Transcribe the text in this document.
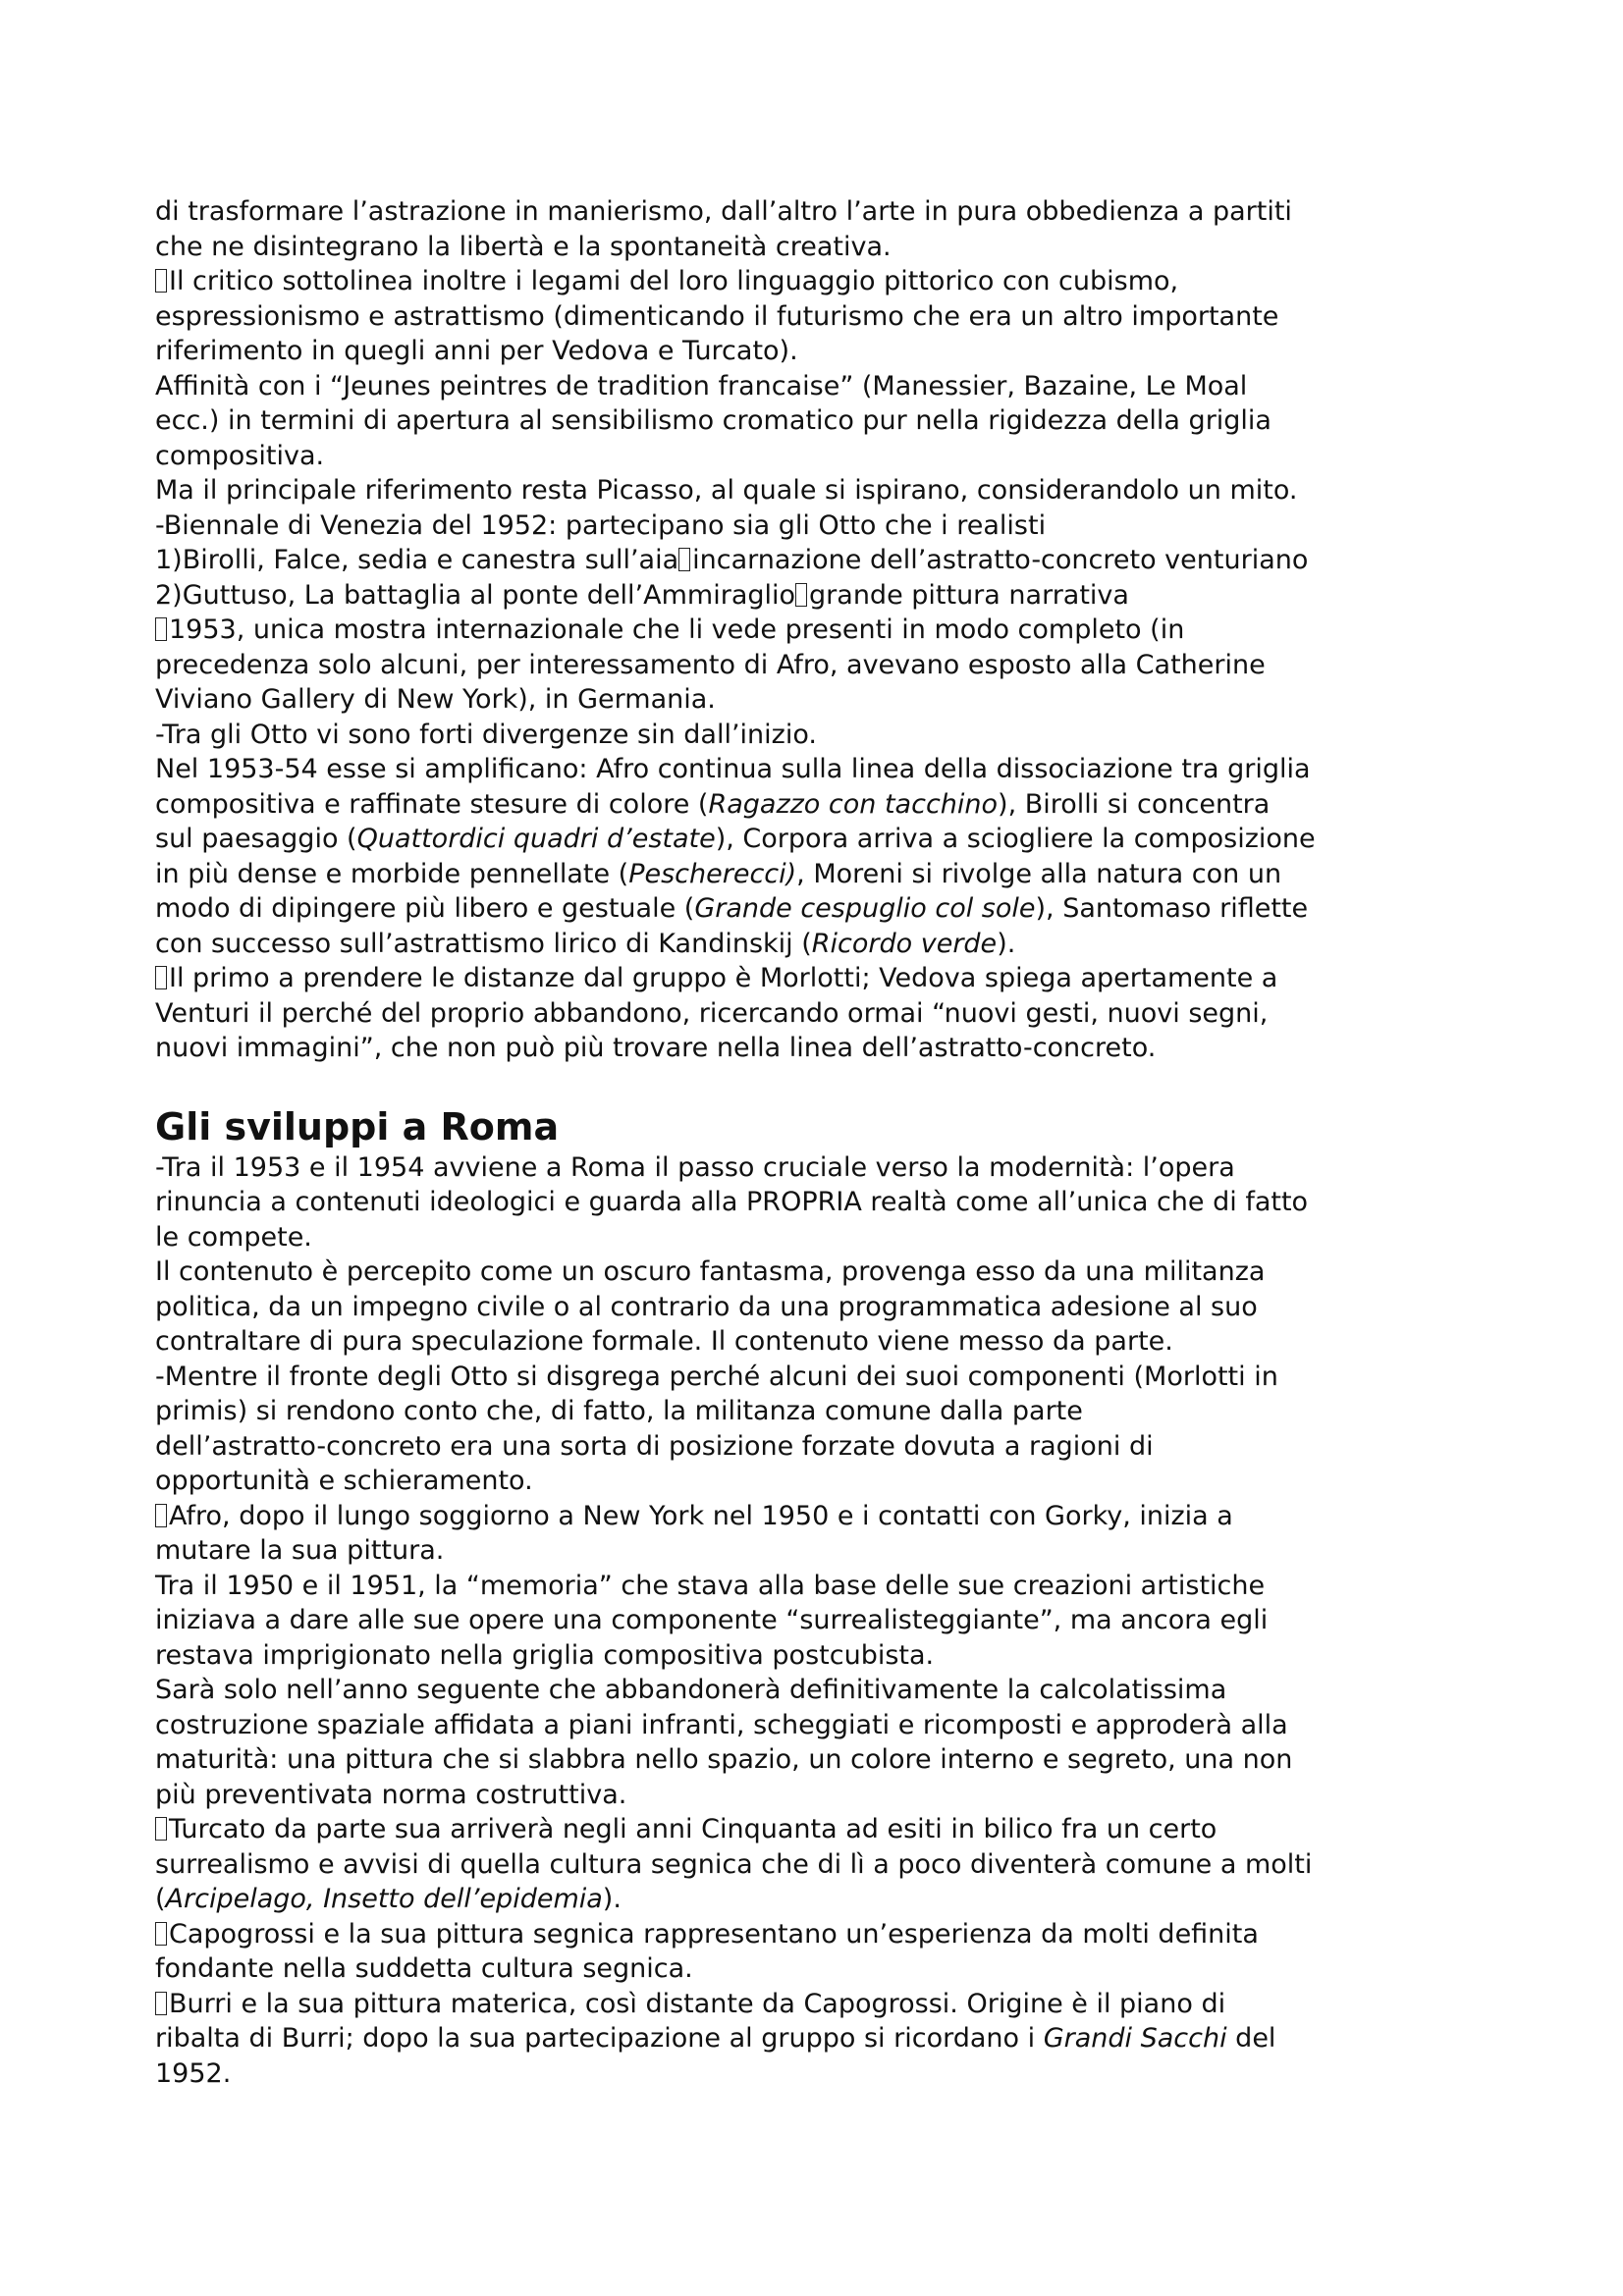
di trasformare l’astrazione in manierismo, dall’altro l’arte in pura obbedienza a partiti
che ne disintegrano la libertà e la spontaneità creativa.
Il critico sottolinea inoltre i legami del loro linguaggio pittorico con cubismo,
espressionismo e astrattismo (dimenticando il futurismo che era un altro importante
riferimento in quegli anni per Vedova e Turcato).
Affinità con i “Jeunes peintres de tradition francaise” (Manessier, Bazaine, Le Moal
ecc.) in termini di apertura al sensibilismo cromatico pur nella rigidezza della griglia
compositiva.
Ma il principale riferimento resta Picasso, al quale si ispirano, considerandolo un mito.
-Biennale di Venezia del 1952: partecipano sia gli Otto che i realisti
1)Birolli, Falce, sedia e canestra sull’aia incarnazione dell’astratto-concreto venturiano
2)Guttuso, La battaglia al ponte dell’Ammiraglio grande pittura narrativa
1953, unica mostra internazionale che li vede presenti in modo completo (in
precedenza solo alcuni, per interessamento di Afro, avevano esposto alla Catherine
Viviano Gallery di New York), in Germania.
-Tra gli Otto vi sono forti divergenze sin dall’inizio.
Nel 1953-54 esse si amplificano: Afro continua sulla linea della dissociazione tra griglia
compositiva e raffinate stesure di colore (Ragazzo con tacchino), Birolli si concentra
sul paesaggio (Quattordici quadri d’estate), Corpora arriva a sciogliere la composizione
in più dense e morbide pennellate (Pescherecci), Moreni si rivolge alla natura con un
modo di dipingere più libero e gestuale (Grande cespuglio col sole), Santomaso riflette
con successo sull’astrattismo lirico di Kandinskij (Ricordo verde).
Il primo a prendere le distanze dal gruppo è Morlotti; Vedova spiega apertamente a
Venturi il perché del proprio abbandono, ricercando ormai “nuovi gesti, nuovi segni,
nuovi immagini”, che non può più trovare nella linea dell’astratto-concreto.
Gli sviluppi a Roma
-Tra il 1953 e il 1954 avviene a Roma il passo cruciale verso la modernità: l’opera
rinuncia a contenuti ideologici e guarda alla PROPRIA realtà come all’unica che di fatto
le compete.
Il contenuto è percepito come un oscuro fantasma, provenga esso da una militanza
politica, da un impegno civile o al contrario da una programmatica adesione al suo
contraltare di pura speculazione formale. Il contenuto viene messo da parte.
-Mentre il fronte degli Otto si disgrega perché alcuni dei suoi componenti (Morlotti in
primis) si rendono conto che, di fatto, la militanza comune dalla parte
dell’astratto-concreto era una sorta di posizione forzate dovuta a ragioni di
opportunità e schieramento.
Afro, dopo il lungo soggiorno a New York nel 1950 e i contatti con Gorky, inizia a
mutare la sua pittura.
Tra il 1950 e il 1951, la “memoria” che stava alla base delle sue creazioni artistiche
iniziava a dare alle sue opere una componente “surrealisteggiante”, ma ancora egli
restava imprigionato nella griglia compositiva postcubista.
Sarà solo nell’anno seguente che abbandonerà definitivamente la calcolatissima
costruzione spaziale affidata a piani infranti, scheggiati e ricomposti e approderà alla
maturità: una pittura che si slabbra nello spazio, un colore interno e segreto, una non
più preventivata norma costruttiva.
Turcato da parte sua arriverà negli anni Cinquanta ad esiti in bilico fra un certo
surrealismo e avvisi di quella cultura segnica che di lì a poco diventerà comune a molti
(Arcipelago, Insetto dell’epidemia).
Capogrossi e la sua pittura segnica rappresentano un’esperienza da molti definita
fondante nella suddetta cultura segnica.
Burri e la sua pittura materica, così distante da Capogrossi. Origine è il piano di
ribalta di Burri; dopo la sua partecipazione al gruppo si ricordano i Grandi Sacchi del
1952.
